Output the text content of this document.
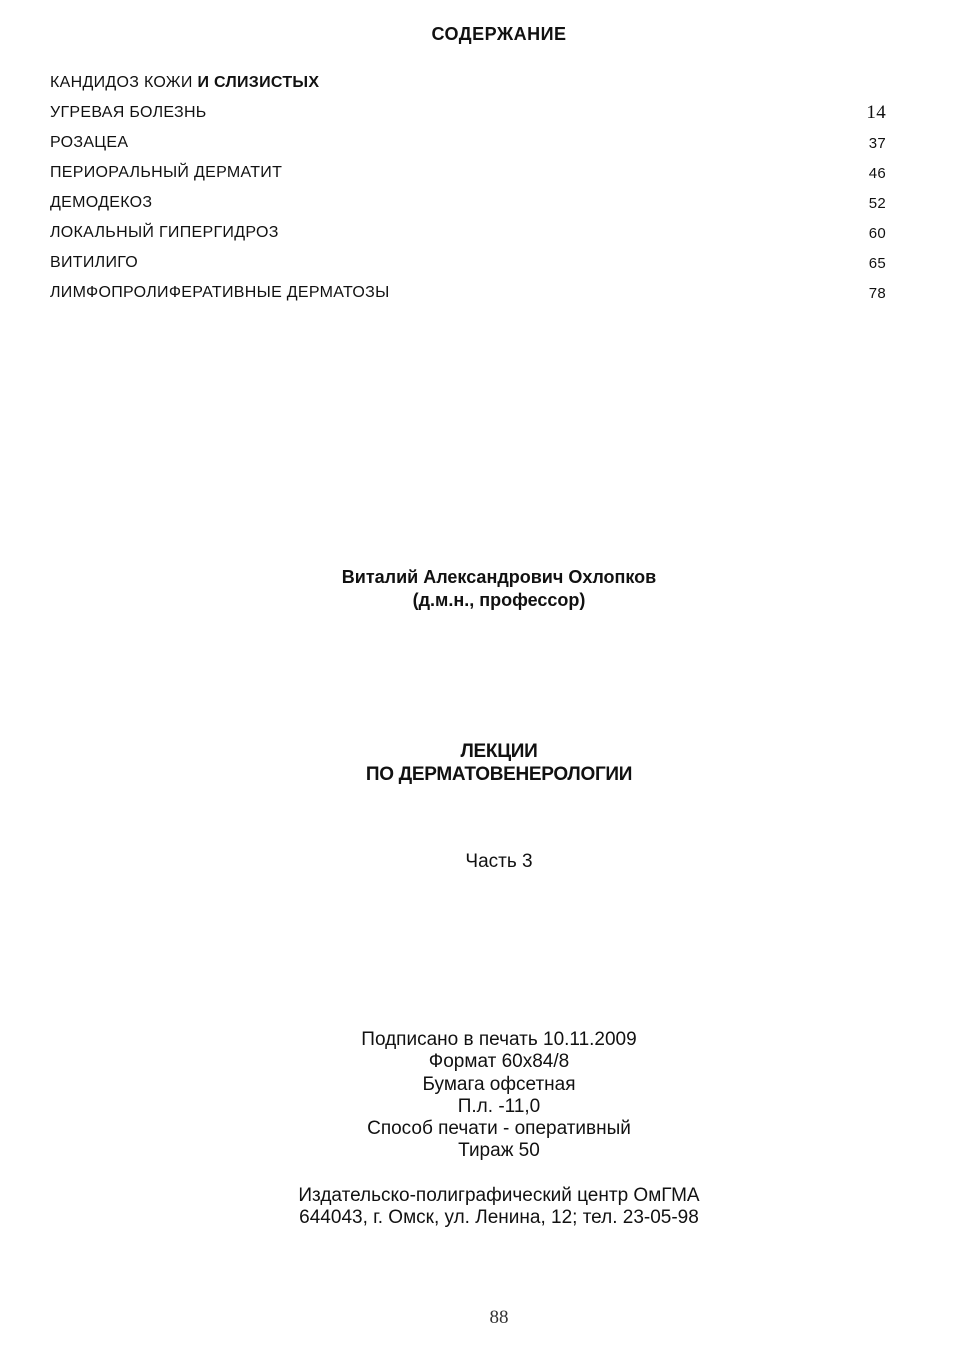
СОДЕРЖАНИЕ
КАНДИДОЗ КОЖИ И СЛИЗИСТЫХ
УГРЕВАЯ БОЛЕЗНЬ	14
РОЗАЦЕА	37
ПЕРИОРАЛЬНЫЙ ДЕРМАТИТ	46
ДЕМОДЕКОЗ	52
ЛОКАЛЬНЫЙ ГИПЕРГИДРОЗ	60
ВИТИЛИГО	65
ЛИМФОПРОЛИФЕРАТИВНЫЕ ДЕРМАТОЗЫ	78
Виталий Александрович Охлопков
(д.м.н., профессор)
ЛЕКЦИИ
ПО ДЕРМАТОВЕНЕРОЛОГИИ
Часть 3
Подписано в печать 10.11.2009
Формат 60х84/8
Бумага офсетная
П.л. -11,0
Способ печати - оперативный
Тираж 50
Издательско-полиграфический центр ОмГМА
644043, г. Омск, ул. Ленина, 12; тел. 23-05-98
88
